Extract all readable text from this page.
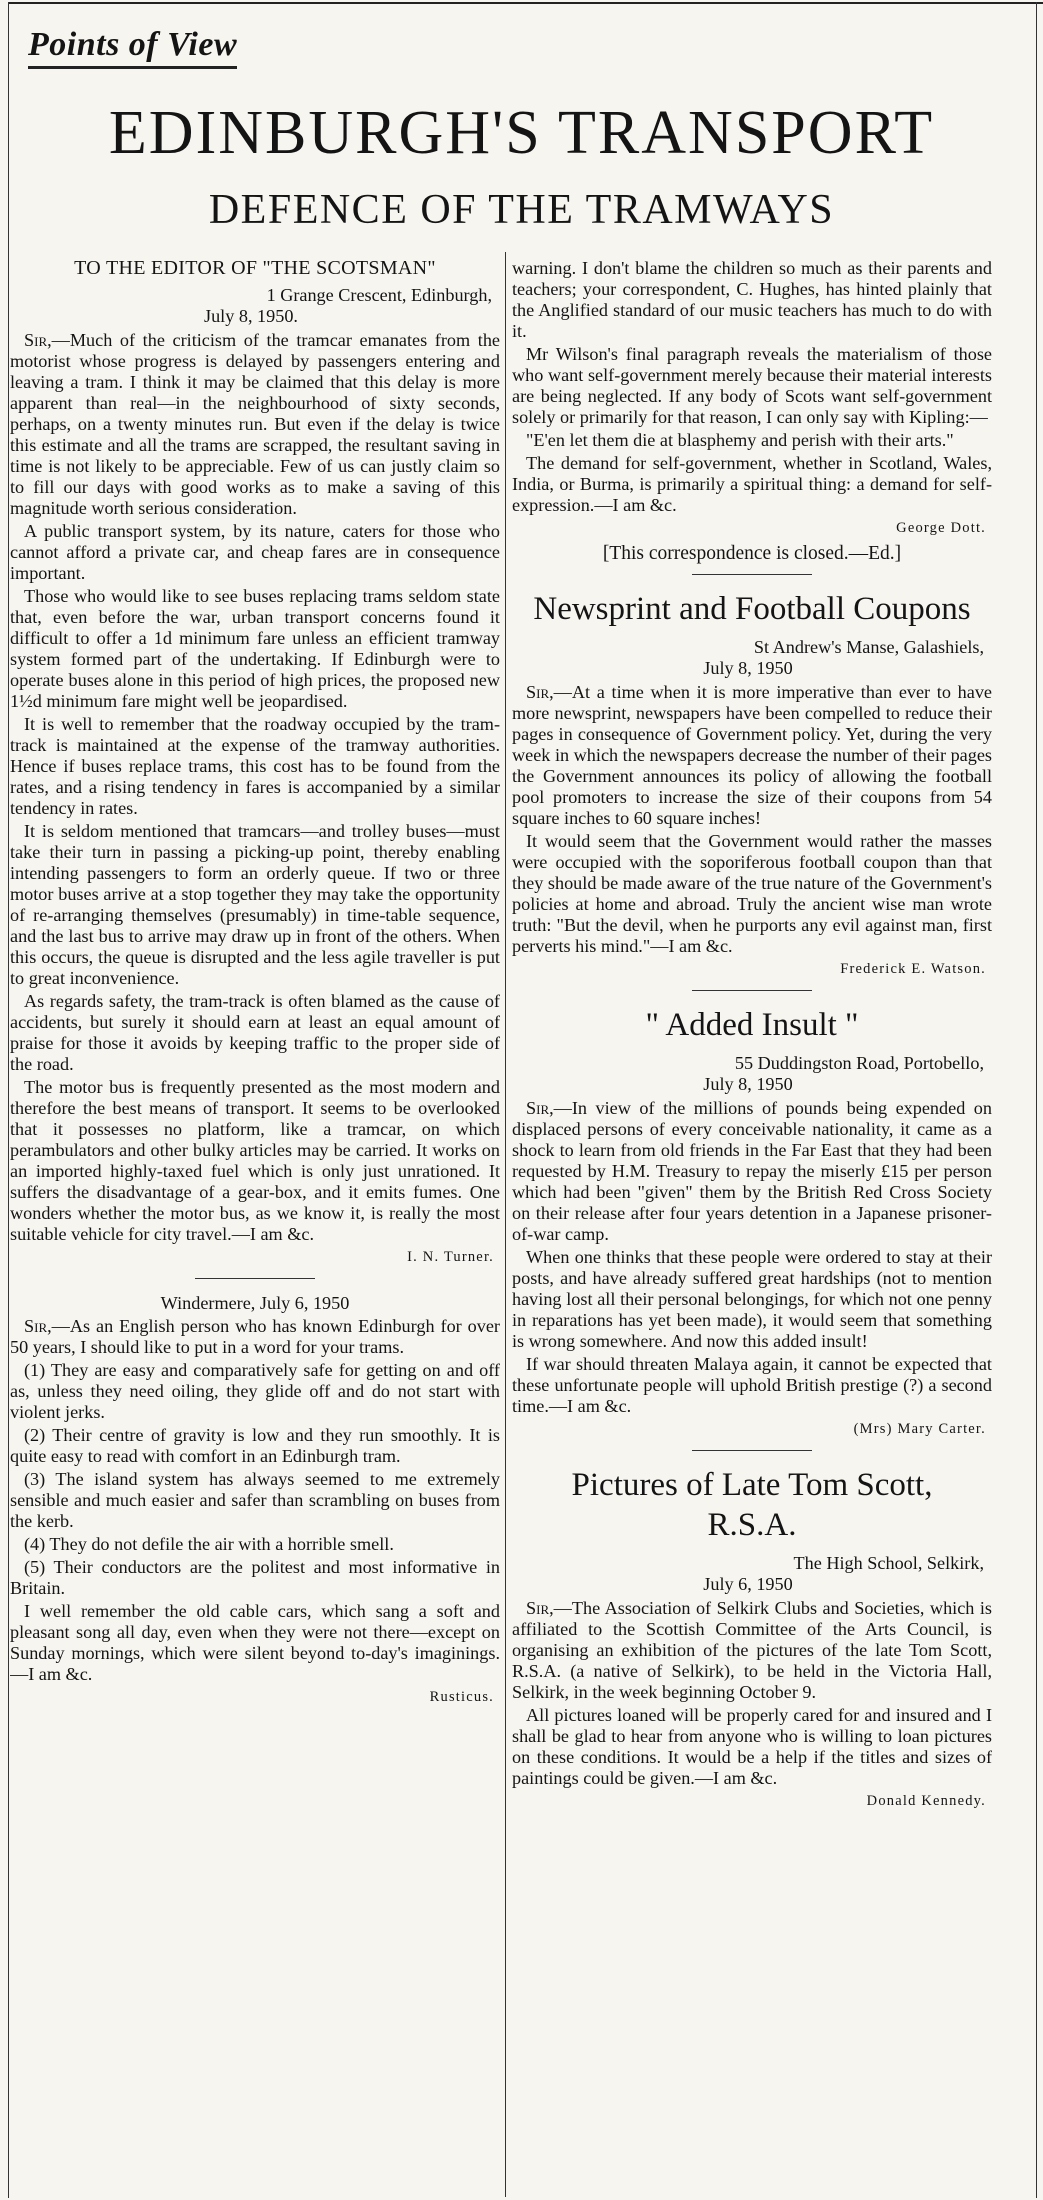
Points of View
EDINBURGH'S TRANSPORT
DEFENCE OF THE TRAMWAYS
TO THE EDITOR OF "THE SCOTSMAN"
1 Grange Crescent, Edinburgh,
July 8, 1950.

Sir,—Much of the criticism of the tramcar emanates from the motorist whose progress is delayed by passengers entering and leaving a tram. I think it may be claimed that this delay is more apparent than real—in the neighbourhood of sixty seconds, perhaps, on a twenty minutes run. But even if the delay is twice this estimate and all the trams are scrapped, the resultant saving in time is not likely to be appreciable. Few of us can justly claim so to fill our days with good works as to make a saving of this magnitude worth serious consideration.

A public transport system, by its nature, caters for those who cannot afford a private car, and cheap fares are in consequence important.

Those who would like to see buses replacing trams seldom state that, even before the war, urban transport concerns found it difficult to offer a 1d minimum fare unless an efficient tramway system formed part of the undertaking. If Edinburgh were to operate buses alone in this period of high prices, the proposed new 1½d minimum fare might well be jeopardised.

It is well to remember that the roadway occupied by the tram-track is maintained at the expense of the tramway authorities. Hence if buses replace trams, this cost has to be found from the rates, and a rising tendency in fares is accompanied by a similar tendency in rates.

It is seldom mentioned that tramcars—and trolley buses—must take their turn in passing a picking-up point, thereby enabling intending passengers to form an orderly queue. If two or three motor buses arrive at a stop together they may take the opportunity of re-arranging themselves (presumably) in time-table sequence, and the last bus to arrive may draw up in front of the others. When this occurs, the queue is disrupted and the less agile traveller is put to great inconvenience.

As regards safety, the tram-track is often blamed as the cause of accidents, but surely it should earn at least an equal amount of praise for those it avoids by keeping traffic to the proper side of the road.

The motor bus is frequently presented as the most modern and therefore the best means of transport. It seems to be overlooked that it possesses no platform, like a tramcar, on which perambulators and other bulky articles may be carried. It works on an imported highly-taxed fuel which is only just unrationed. It suffers the disadvantage of a gear-box, and it emits fumes. One wonders whether the motor bus, as we know it, is really the most suitable vehicle for city travel.—I am &c.

I. N. Turner.
Windermere, July 6, 1950

Sir,—As an English person who has known Edinburgh for over 50 years, I should like to put in a word for your trams.

(1) They are easy and comparatively safe for getting on and off as, unless they need oiling, they glide off and do not start with violent jerks.

(2) Their centre of gravity is low and they run smoothly. It is quite easy to read with comfort in an Edinburgh tram.

(3) The island system has always seemed to me extremely sensible and much easier and safer than scrambling on buses from the kerb.

(4) They do not defile the air with a horrible smell.

(5) Their conductors are the politest and most informative in Britain.

I well remember the old cable cars, which sang a soft and pleasant song all day, even when they were not there—except on Sunday mornings, which were silent beyond to-day's imaginings.—I am &c.

Rusticus.

warning. I don't blame the children so much as their parents and teachers; your correspondent, C. Hughes, has hinted plainly that the Anglified standard of our music teachers has much to do with it.

Mr Wilson's final paragraph reveals the materialism of those who want self-government merely because their material interests are being neglected. If any body of Scots want self-government solely or primarily for that reason, I can only say with Kipling:—

"E'en let them die at blasphemy and perish with their arts."

The demand for self-government, whether in Scotland, Wales, India, or Burma, is primarily a spiritual thing: a demand for self-expression.—I am &c.

George Dott.
[This correspondence is closed.—Ed.]
Newsprint and Football Coupons
St Andrew's Manse, Galashiels,
July 8, 1950

Sir,—At a time when it is more imperative than ever to have more newsprint, newspapers have been compelled to reduce their pages in consequence of Government policy. Yet, during the very week in which the newspapers decrease the number of their pages the Government announces its policy of allowing the football pool promoters to increase the size of their coupons from 54 square inches to 60 square inches!

It would seem that the Government would rather the masses were occupied with the soporiferous football coupon than that they should be made aware of the true nature of the Government's policies at home and abroad. Truly the ancient wise man wrote truth: "But the devil, when he purports any evil against man, first perverts his mind."—I am &c.

Frederick E. Watson.
" Added Insult "
55 Duddingston Road, Portobello,
July 8, 1950

Sir,—In view of the millions of pounds being expended on displaced persons of every conceivable nationality, it came as a shock to learn from old friends in the Far East that they had been requested by H.M. Treasury to repay the miserly £15 per person which had been "given" them by the British Red Cross Society on their release after four years detention in a Japanese prisoner-of-war camp.

When one thinks that these people were ordered to stay at their posts, and have already suffered great hardships (not to mention having lost all their personal belongings, for which not one penny in reparations has yet been made), it would seem that something is wrong somewhere. And now this added insult!

If war should threaten Malaya again, it cannot be expected that these unfortunate people will uphold British prestige (?) a second time.—I am &c.

(Mrs) Mary Carter.
Pictures of Late Tom Scott,
R.S.A.
The High School, Selkirk,
July 6, 1950

Sir,—The Association of Selkirk Clubs and Societies, which is affiliated to the Scottish Committee of the Arts Council, is organising an exhibition of the pictures of the late Tom Scott, R.S.A. (a native of Selkirk), to be held in the Victoria Hall, Selkirk, in the week beginning October 9.

All pictures loaned will be properly cared for and insured and I shall be glad to hear from anyone who is willing to loan pictures on these conditions. It would be a help if the titles and sizes of paintings could be given.—I am &c.

Donald Kennedy.
